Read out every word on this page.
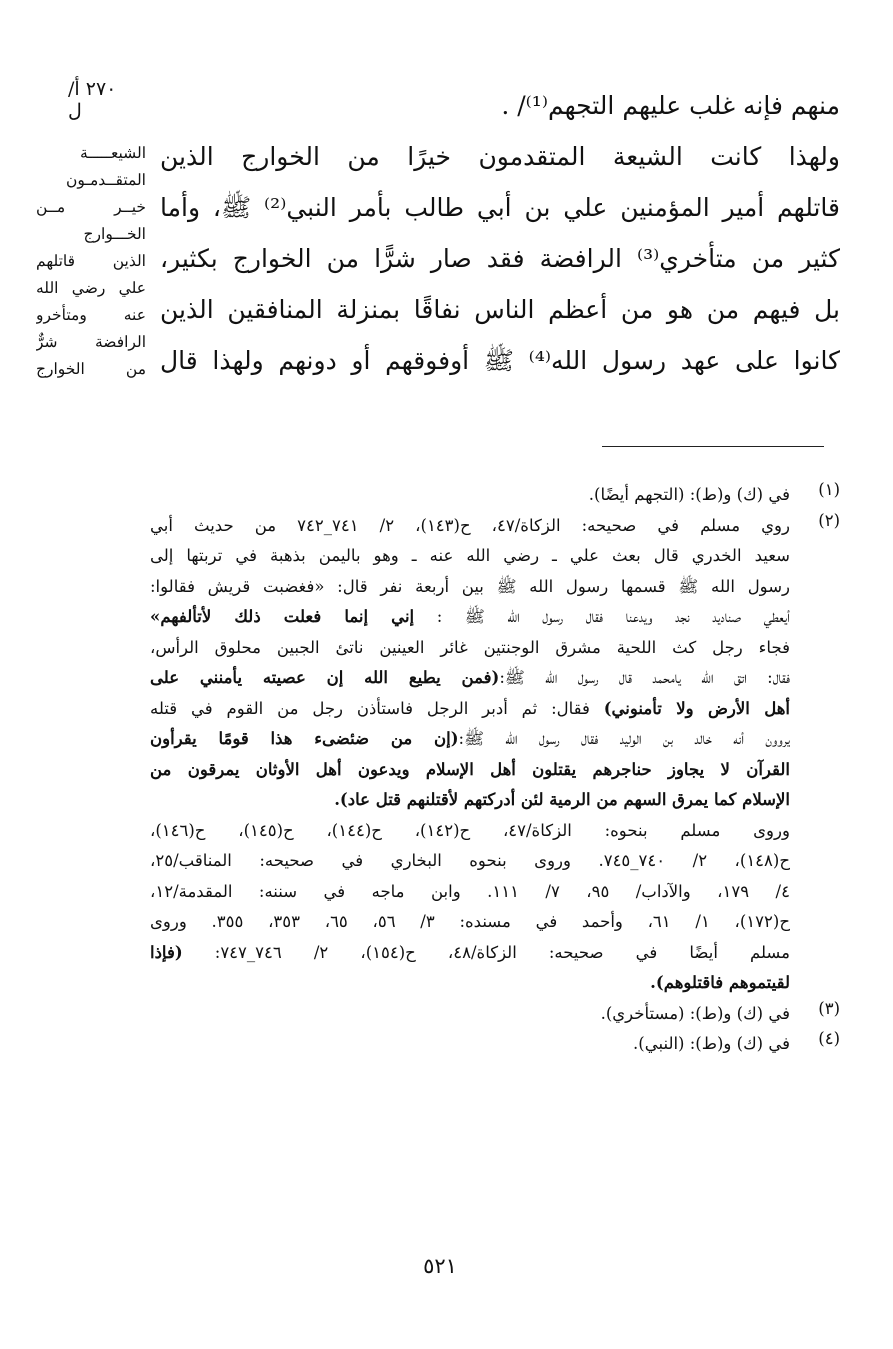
٢٧٠ أ/ ل
الشيعـــــة
المتقــدمـون
خيــر مــن
الخـــوارج
الذين قاتلهم
علي رضي الله
عنه ومتأخرو
الرافضة شرٌّ
من الخوارج
منهم فإنه غلب عليهم التجهم⁽¹⁾/ .
ولهذا كانت الشيعة المتقدمون خيرًا من الخوارج الذين
قاتلهم أمير المؤمنين علي بن أبي طالب بأمر النبي⁽²⁾ ﷺ، وأما
كثير من متأخري⁽³⁾ الرافضة فقد صار شرًّا من الخوارج بكثير،
بل فيهم من هو من أعظم الناس نفاقًا بمنزلة المنافقين الذين
كانوا على عهد رسول الله⁽⁴⁾ ﷺ أوفوقهم أو دونهم ولهذا قال
(١)
في (ك) و(ط): (التجهم أيضًا).
(٢)
روي مسلم في صحيحه: الزكاة/٤٧، ح(١٤٣)، ٢/ ٧٤١_٧٤٢ من حديث أبي
سعيد الخدري قال بعث علي ـ رضي الله عنه ـ وهو باليمن بذهبة في تربتها إلى
رسول الله ﷺ قسمها رسول الله ﷺ بين أربعة نفر قال: «فغضبت قريش فقالوا:
أيعطي صناديد نجد ويدعنا فقال رسول الله ﷺ : إني إنما فعلت ذلك لأتألفهم»
فجاء رجل كث اللحية مشرق الوجنتين غائر العينين ناتئ الجبين محلوق الرأس،
فقال: اتق الله يامحمد قال رسول الله ﷺ:(فمن يطيع الله إن عصيته يأمنني على
أهل الأرض ولا تأمنوني) فقال: ثم أدبر الرجل فاستأذن رجل من القوم في قتله
يروون أنه خالد بن الوليد فقال رسول الله ﷺ:(إن من ضئضىء هذا قومًا يقرأون
القرآن لا يجاوز حناجرهم يقتلون أهل الإسلام ويدعون أهل الأوثان يمرقون من
الإسلام كما يمرق السهم من الرمية لئن أدركتهم لأقتلنهم قتل عاد).
وروى مسلم بنحوه: الزكاة/٤٧، ح(١٤٢)، ح(١٤٤)، ح(١٤٥)، ح(١٤٦)،
ح(١٤٨)، ٢/ ٧٤٠_٧٤٥. وروى بنحوه البخاري في صحيحه: المناقب/٢٥،
٤/ ١٧٩، والآداب/ ٩٥، ٧/ ١١١. وابن ماجه في سننه: المقدمة/١٢،
ح(١٧٢)، ١/ ٦١، وأحمد في مسنده: ٣/ ٥٦، ٦٥، ٣٥٣، ٣٥٥. وروى
مسلم أيضًا في صحيحه: الزكاة/٤٨، ح(١٥٤)، ٢/ ٧٤٦_٧٤٧: (فإذا
لقيتموهم فاقتلوهم).
(٣)
في (ك) و(ط): (مستأخري).
(٤)
في (ك) و(ط): (النبي).
٥٢١
